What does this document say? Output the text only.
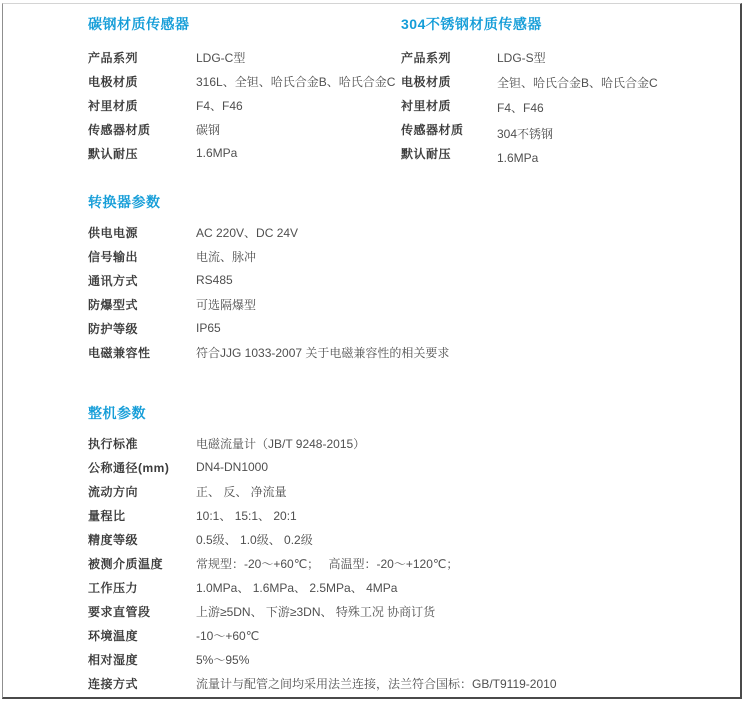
碳钢材质传感器
产品系列	LDG-C型
电极材质	316L、全钽、哈氏合金B、哈氏合金C
衬里材质	F4、F46
传感器材质	碳钢
默认耐压	1.6MPa
304不锈钢材质传感器
产品系列	LDG-S型
电极材质	全钽、哈氏合金B、哈氏合金C
衬里材质	F4、F46
传感器材质	304不锈钢
默认耐压	1.6MPa
转换器参数
供电电源	AC 220V、DC 24V
信号输出	电流、脉冲
通讯方式	RS485
防爆型式	可选隔爆型
防护等级	IP65
电磁兼容性	符合JJG 1033-2007 关于电磁兼容性的相关要求
整机参数
执行标准	电磁流量计（JB/T 9248-2015）
公称通径(mm)	DN4-DN1000
流动方向	正、 反、 净流量
量程比	10:1、 15:1、 20:1
精度等级	0.5级、 1.0级、 0.2级
被测介质温度	常规型：-20～+60℃；　 高温型：-20～+120℃；
工作压力	1.0MPa、 1.6MPa、 2.5MPa、 4MPa
要求直管段	上游≥5DN、 下游≥3DN、 特殊工况 协商订货
环境温度	-10～+60℃
相对湿度	5%～95%
连接方式	流量计与配管之间均采用法兰连接，法兰符合国标：GB/T9119-2010
